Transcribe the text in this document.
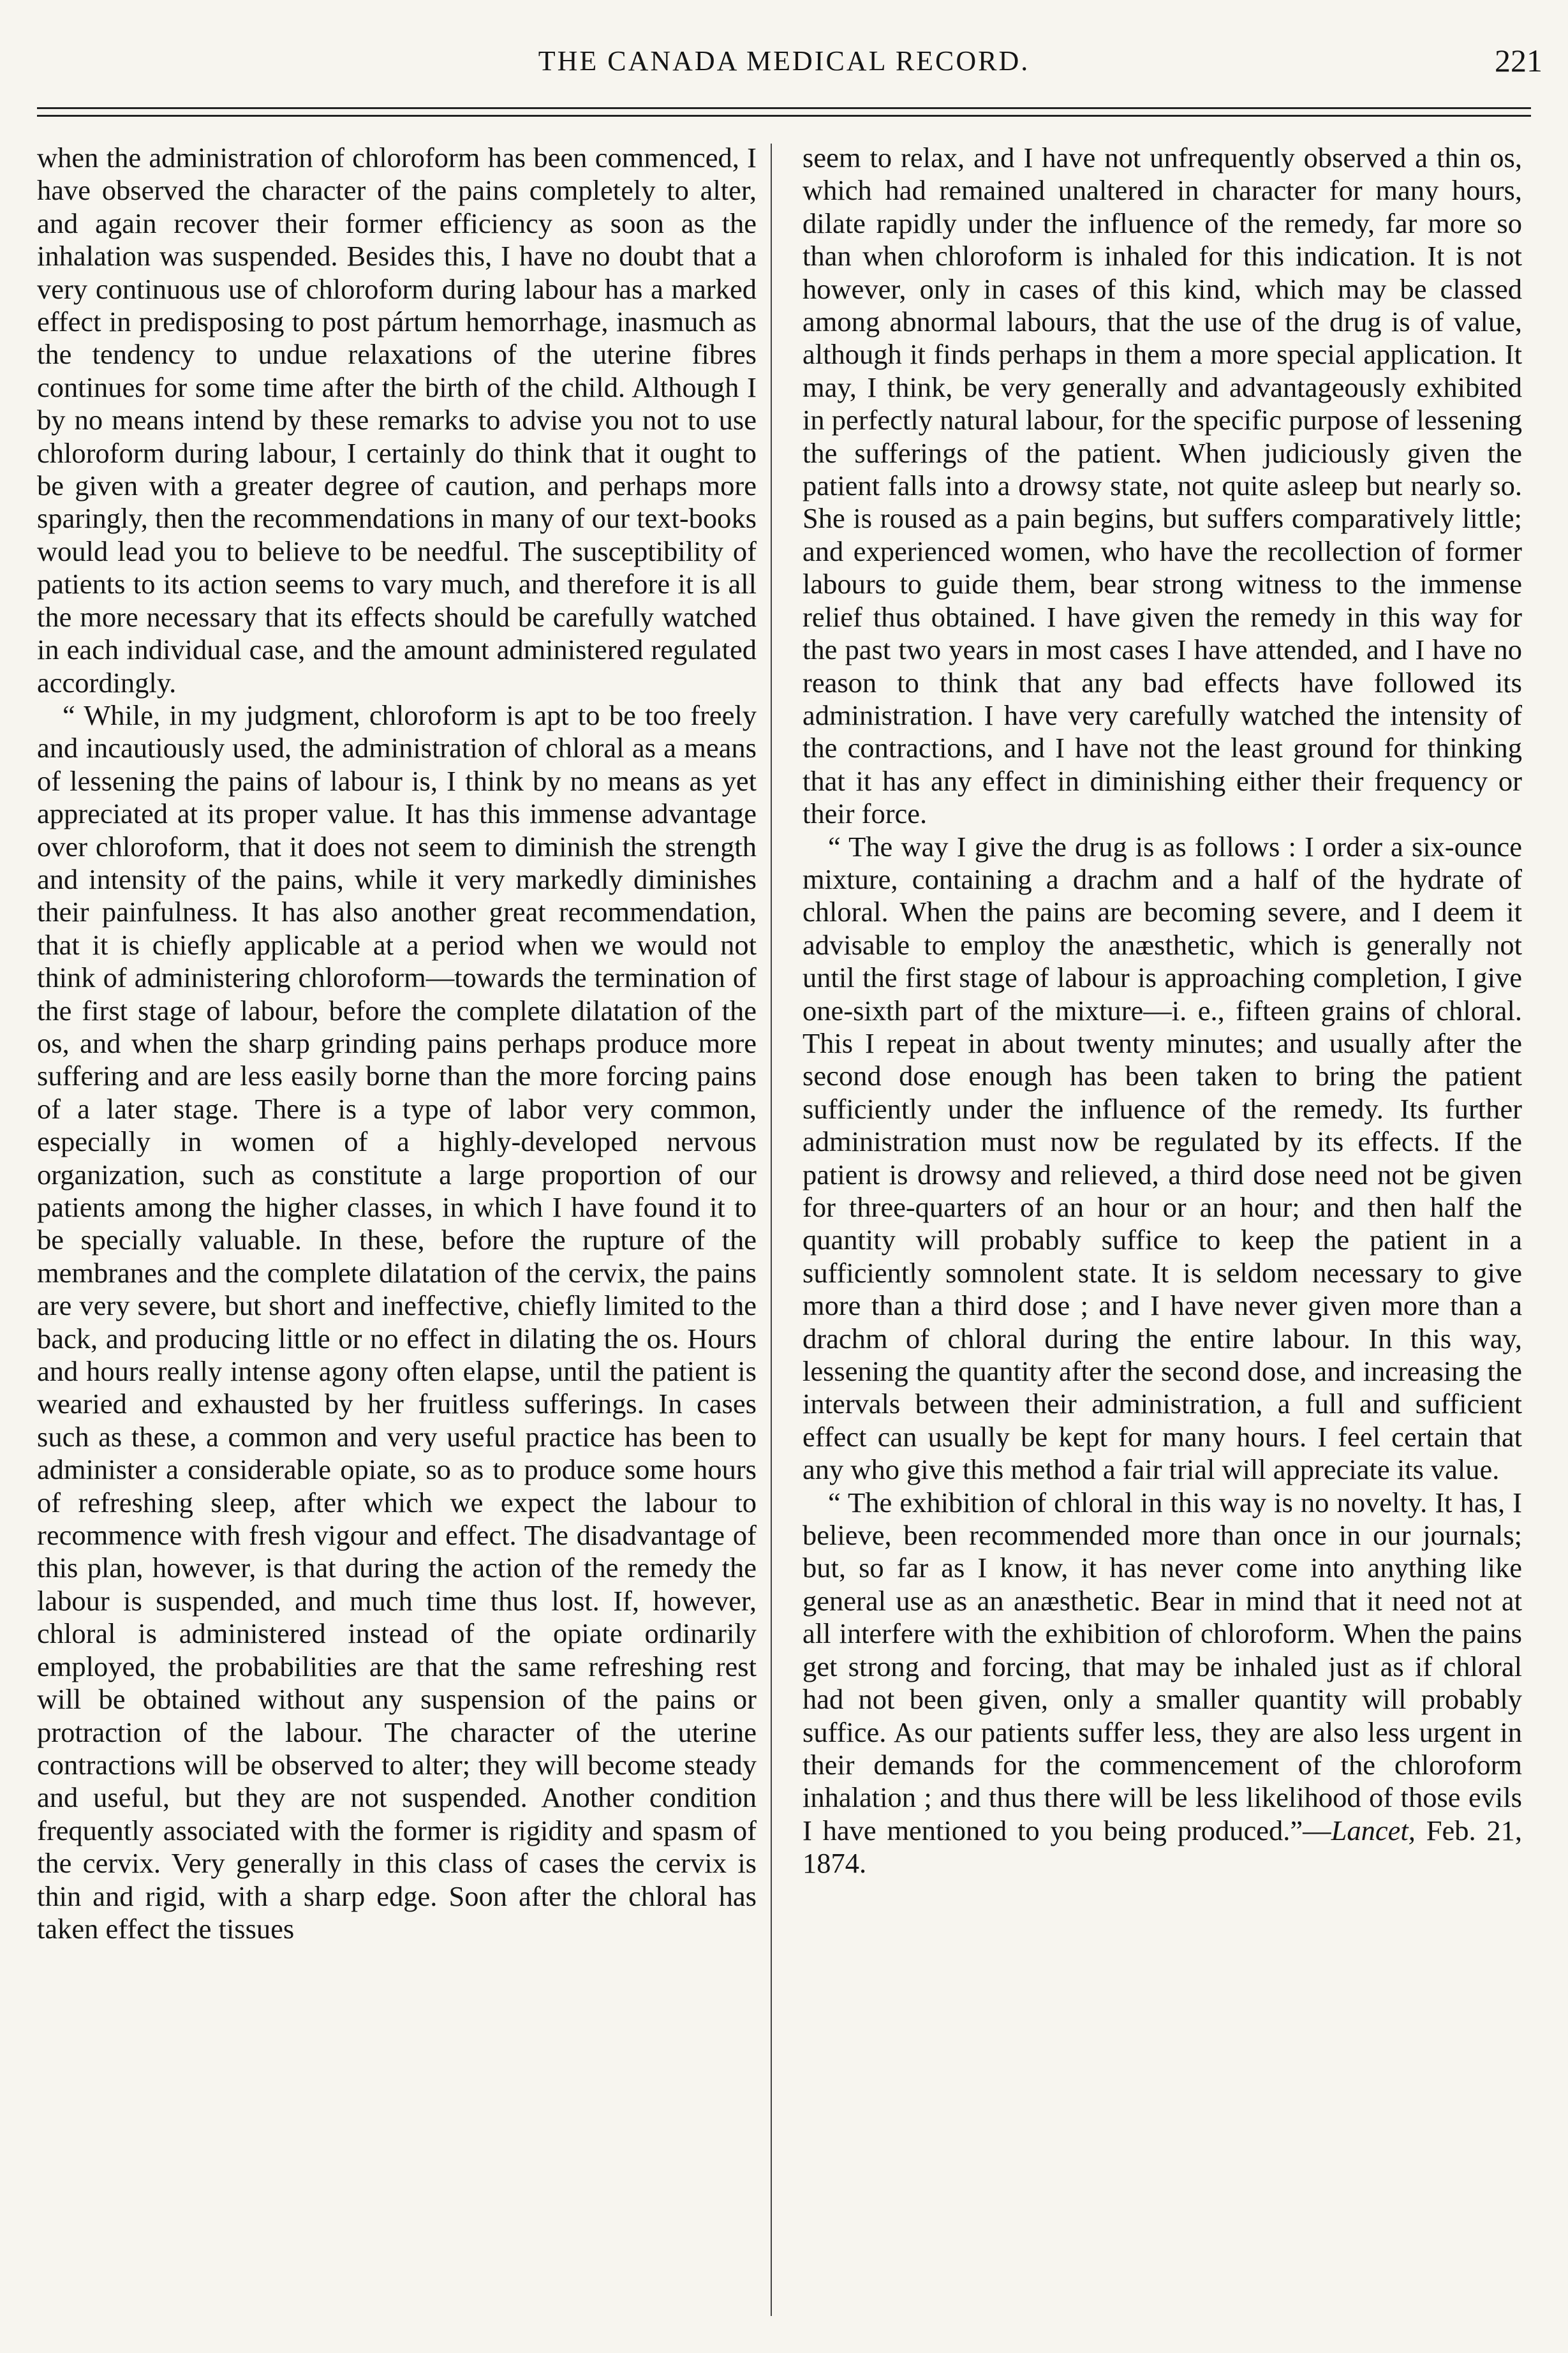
THE CANADA MEDICAL RECORD.	221

when the administration of chloroform has been commenced, I have observed the character of the pains completely to alter, and again recover their former efficiency as soon as the inhalation was suspended. Besides this, I have no doubt that a very continuous use of chloroform during labour has a marked effect in predisposing to post pártum hemorrhage, inasmuch as the tendency to undue relaxations of the uterine fibres continues for some time after the birth of the child. Although I by no means intend by these remarks to advise you not to use chloroform during labour, I certainly do think that it ought to be given with a greater degree of caution, and perhaps more sparingly, then the recommendations in many of our text-books would lead you to believe to be needful. The susceptibility of patients to its action seems to vary much, and therefore it is all the more necessary that its effects should be carefully watched in each individual case, and the amount administered regulated accordingly.

“ While, in my judgment, chloroform is apt to be too freely and incautiously used, the administration of chloral as a means of lessening the pains of labour is, I think by no means as yet appreciated at its proper value. It has this immense advantage over chloroform, that it does not seem to diminish the strength and intensity of the pains, while it very markedly diminishes their painfulness. It has also another great recommendation, that it is chiefly applicable at a period when we would not think of administering chloroform—towards the termination of the first stage of labour, before the complete dilatation of the os, and when the sharp grinding pains perhaps produce more suffering and are less easily borne than the more forcing pains of a later stage. There is a type of labor very common, especially in women of a highly-developed nervous organization, such as constitute a large proportion of our patients among the higher classes, in which I have found it to be specially valuable. In these, before the rupture of the membranes and the complete dilatation of the cervix, the pains are very severe, but short and ineffective, chiefly limited to the back, and producing little or no effect in dilating the os. Hours and hours really intense agony often elapse, until the patient is wearied and exhausted by her fruitless sufferings. In cases such as these, a common and very useful practice has been to administer a considerable opiate, so as to produce some hours of refreshing sleep, after which we expect the labour to recommence with fresh vigour and effect. The disadvantage of this plan, however, is that during the action of the remedy the labour is suspended, and much time thus lost. If, however, chloral is administered instead of the opiate ordinarily employed, the probabilities are that the same refreshing rest will be obtained without any suspension of the pains or protraction of the labour. The character of the uterine contractions will be observed to alter; they will become steady and useful, but they are not suspended. Another condition frequently associated with the former is rigidity and spasm of the cervix. Very generally in this class of cases the cervix is thin and rigid, with a sharp edge. Soon after the chloral has taken effect the tissues

seem to relax, and I have not unfrequently observed a thin os, which had remained unaltered in character for many hours, dilate rapidly under the influence of the remedy, far more so than when chloroform is inhaled for this indication. It is not however, only in cases of this kind, which may be classed among abnormal labours, that the use of the drug is of value, although it finds perhaps in them a more special application. It may, I think, be very generally and advantageously exhibited in perfectly natural labour, for the specific purpose of lessening the sufferings of the patient. When judiciously given the patient falls into a drowsy state, not quite asleep but nearly so. She is roused as a pain begins, but suffers comparatively little; and experienced women, who have the recollection of former labours to guide them, bear strong witness to the immense relief thus obtained. I have given the remedy in this way for the past two years in most cases I have attended, and I have no reason to think that any bad effects have followed its administration. I have very carefully watched the intensity of the contractions, and I have not the least ground for thinking that it has any effect in diminishing either their frequency or their force.

“ The way I give the drug is as follows : I order a six-ounce mixture, containing a drachm and a half of the hydrate of chloral. When the pains are becoming severe, and I deem it advisable to employ the anæsthetic, which is generally not until the first stage of labour is approaching completion, I give one-sixth part of the mixture—i. e., fifteen grains of chloral. This I repeat in about twenty minutes; and usually after the second dose enough has been taken to bring the patient sufficiently under the influence of the remedy. Its further administration must now be regulated by its effects. If the patient is drowsy and relieved, a third dose need not be given for three-quarters of an hour or an hour; and then half the quantity will probably suffice to keep the patient in a sufficiently somnolent state. It is seldom necessary to give more than a third dose ; and I have never given more than a drachm of chloral during the entire labour. In this way, lessening the quantity after the second dose, and increasing the intervals between their administration, a full and sufficient effect can usually be kept for many hours. I feel certain that any who give this method a fair trial will appreciate its value.

“ The exhibition of chloral in this way is no novelty. It has, I believe, been recommended more than once in our journals; but, so far as I know, it has never come into anything like general use as an anæsthetic. Bear in mind that it need not at all interfere with the exhibition of chloroform. When the pains get strong and forcing, that may be inhaled just as if chloral had not been given, only a smaller quantity will probably suffice. As our patients suffer less, they are also less urgent in their demands for the commencement of the chloroform inhalation ; and thus there will be less likelihood of those evils I have mentioned to you being produced.”—Lancet, Feb. 21, 1874.
